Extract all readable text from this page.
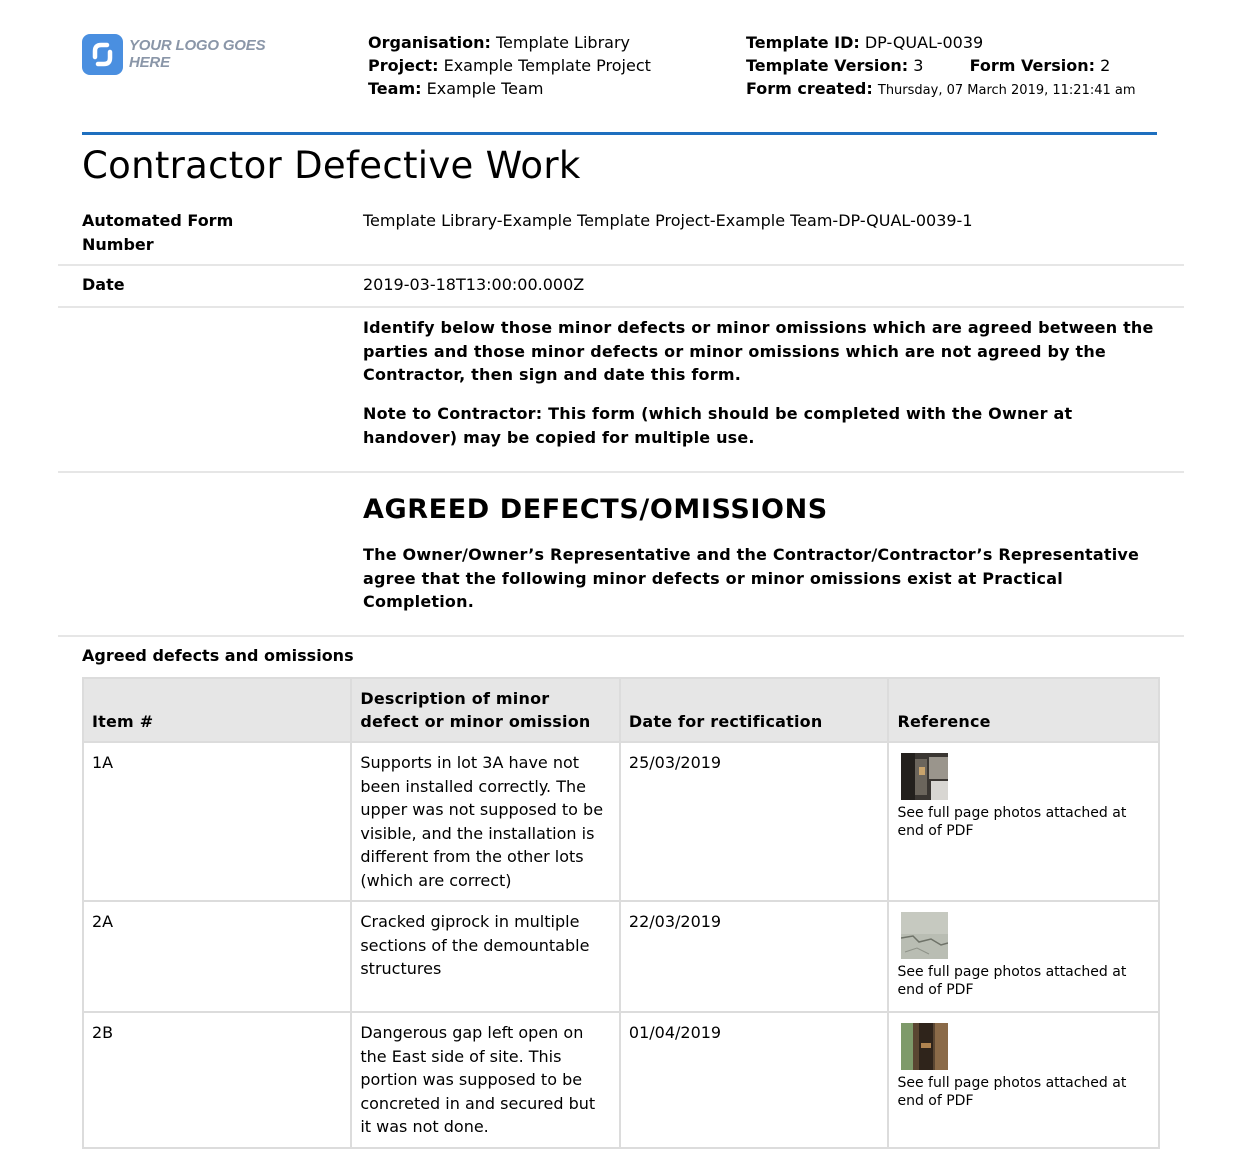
YOUR LOGO GOES HERE
Organisation: Template Library
Project: Example Template Project
Team: Example Team
Template ID: DP-QUAL-0039
Template Version: 3	Form Version: 2
Form created: Thursday, 07 March 2019, 11:21:41 am
Contractor Defective Work
Automated Form Number
Template Library-Example Template Project-Example Team-DP-QUAL-0039-1
Date	2019-03-18T13:00:00.000Z
Identify below those minor defects or minor omissions which are agreed between the parties and those minor defects or minor omissions which are not agreed by the Contractor, then sign and date this form.
Note to Contractor: This form (which should be completed with the Owner at handover) may be copied for multiple use.
AGREED DEFECTS/OMISSIONS
The Owner/Owner’s Representative and the Contractor/Contractor’s Representative agree that the following minor defects or minor omissions exist at Practical Completion.
Agreed defects and omissions
Item #	Description of minor defect or minor omission	Date for rectification	Reference
1A	Supports in lot 3A have not been installed correctly. The upper was not supposed to be visible, and the installation is different from the other lots (which are correct)	25/03/2019	See full page photos attached at end of PDF

2A	Cracked giprock in multiple sections of the demountable structures	22/03/2019	See full page photos attached at end of PDF

2B	Dangerous gap left open on the East side of site. This portion was supposed to be concreted in and secured but it was not done.	01/04/2019	See full page photos attached at end of PDF
